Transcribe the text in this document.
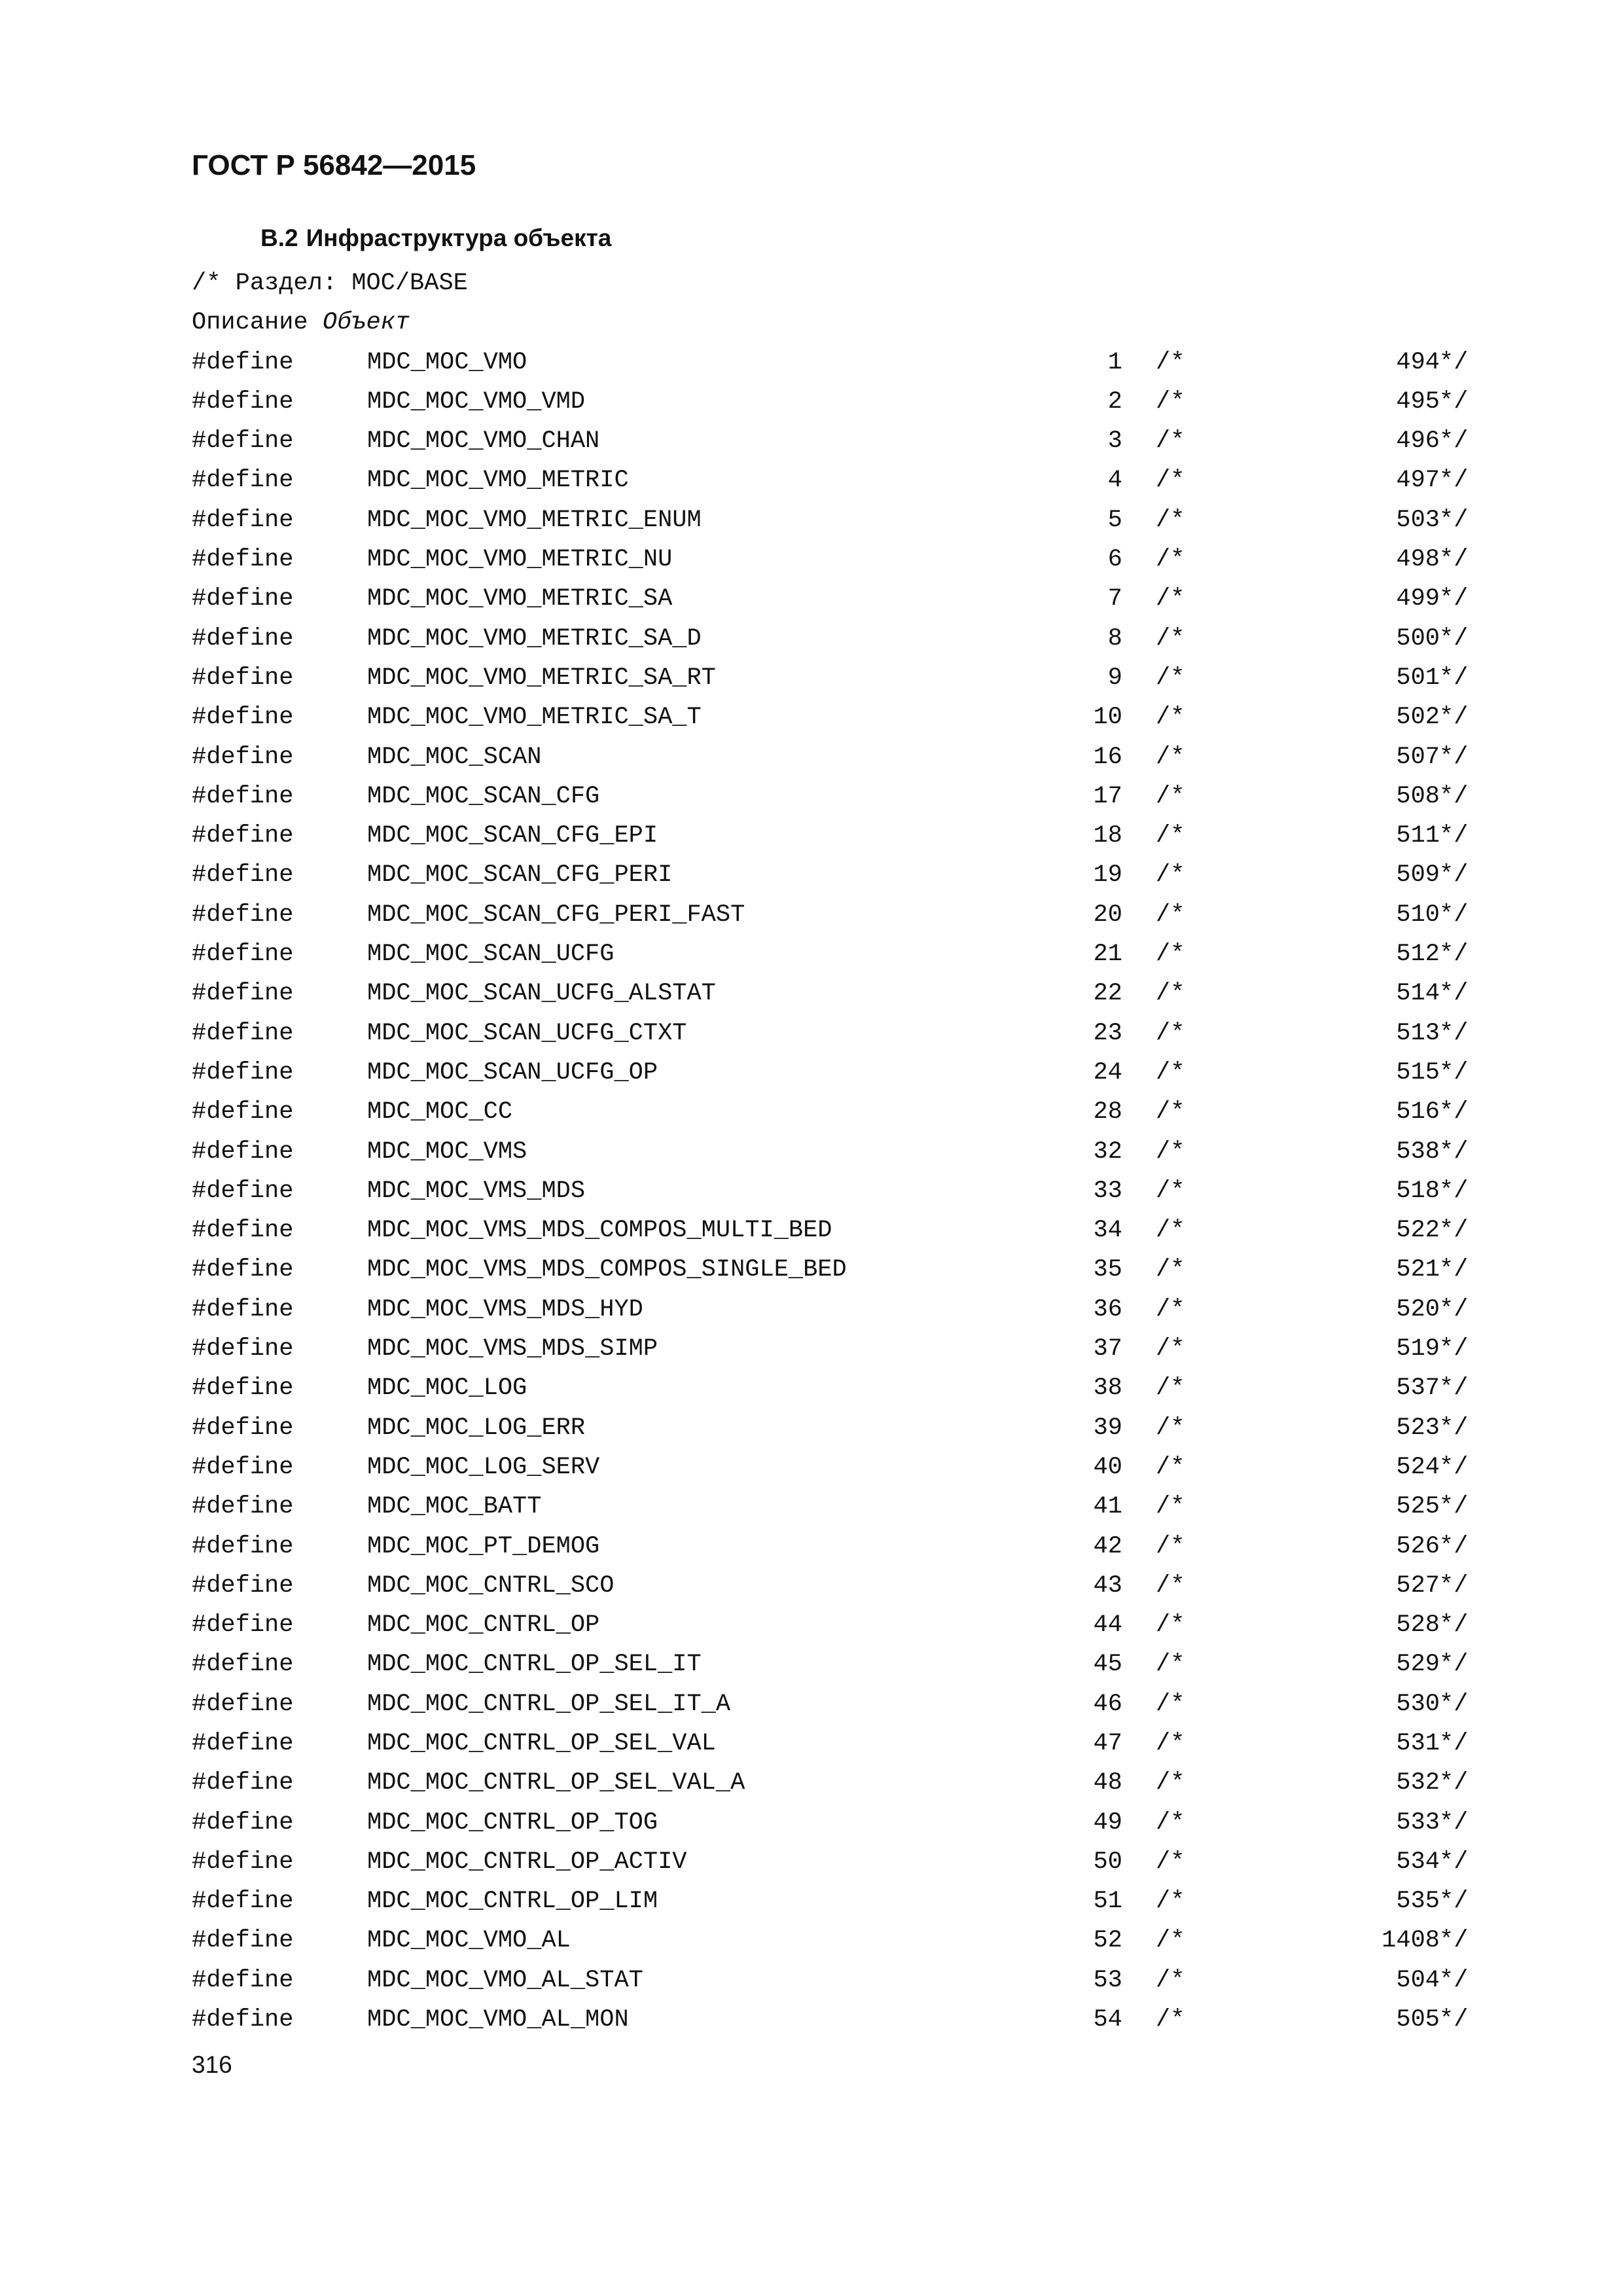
ГОСТ Р 56842—2015
B.2 Инфраструктура объекта
/* Раздел: MOC/BASE
Описание Объект
#define	MDC_MOC_VMO	1 /*	494 */
#define	MDC_MOC_VMO_VMD	2 /*	495 */
#define	MDC_MOC_VMO_CHAN	3 /*	496 */
#define	MDC_MOC_VMO_METRIC	4 /*	497 */
#define	MDC_MOC_VMO_METRIC_ENUM	5 /*	503 */
#define	MDC_MOC_VMO_METRIC_NU	6 /*	498 */
#define	MDC_MOC_VMO_METRIC_SA	7 /*	499 */
#define	MDC_MOC_VMO_METRIC_SA_D	8 /*	500 */
#define	MDC_MOC_VMO_METRIC_SA_RT	9 /*	501 */
#define	MDC_MOC_VMO_METRIC_SA_T	10 /*	502 */
#define	MDC_MOC_SCAN	16 /*	507 */
#define	MDC_MOC_SCAN_CFG	17 /*	508 */
#define	MDC_MOC_SCAN_CFG_EPI	18 /*	511 */
#define	MDC_MOC_SCAN_CFG_PERI	19 /*	509 */
#define	MDC_MOC_SCAN_CFG_PERI_FAST	20 /*	510 */
#define	MDC_MOC_SCAN_UCFG	21 /*	512 */
#define	MDC_MOC_SCAN_UCFG_ALSTAT	22 /*	514 */
#define	MDC_MOC_SCAN_UCFG_CTXT	23 /*	513 */
#define	MDC_MOC_SCAN_UCFG_OP	24 /*	515 */
#define	MDC_MOC_CC	28 /*	516 */
#define	MDC_MOC_VMS	32 /*	538 */
#define	MDC_MOC_VMS_MDS	33 /*	518 */
#define	MDC_MOC_VMS_MDS_COMPOS_MULTI_BED	34 /*	522 */
#define	MDC_MOC_VMS_MDS_COMPOS_SINGLE_BED	35 /*	521 */
#define	MDC_MOC_VMS_MDS_HYD	36 /*	520 */
#define	MDC_MOC_VMS_MDS_SIMP	37 /*	519 */
#define	MDC_MOC_LOG	38 /*	537 */
#define	MDC_MOC_LOG_ERR	39 /*	523 */
#define	MDC_MOC_LOG_SERV	40 /*	524 */
#define	MDC_MOC_BATT	41 /*	525 */
#define	MDC_MOC_PT_DEMOG	42 /*	526 */
#define	MDC_MOC_CNTRL_SCO	43 /*	527 */
#define	MDC_MOC_CNTRL_OP	44 /*	528 */
#define	MDC_MOC_CNTRL_OP_SEL_IT	45 /*	529 */
#define	MDC_MOC_CNTRL_OP_SEL_IT_A	46 /*	530 */
#define	MDC_MOC_CNTRL_OP_SEL_VAL	47 /*	531 */
#define	MDC_MOC_CNTRL_OP_SEL_VAL_A	48 /*	532 */
#define	MDC_MOC_CNTRL_OP_TOG	49 /*	533 */
#define	MDC_MOC_CNTRL_OP_ACTIV	50 /*	534 */
#define	MDC_MOC_CNTRL_OP_LIM	51 /*	535 */
#define	MDC_MOC_VMO_AL	52 /*	1408 */
#define	MDC_MOC_VMO_AL_STAT	53 /*	504 */
#define	MDC_MOC_VMO_AL_MON	54 /*	505 */
316
